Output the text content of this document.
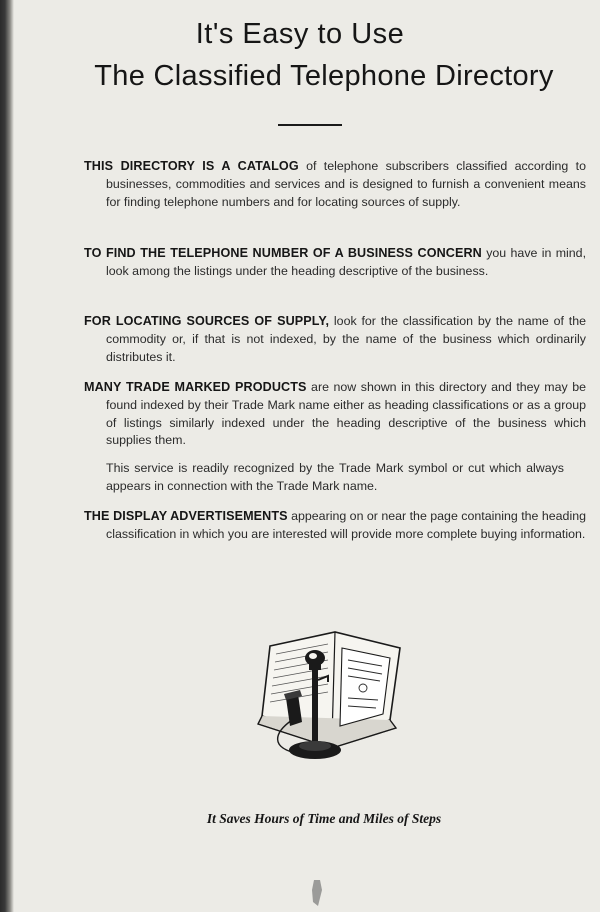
It's Easy to Use
The Classified Telephone Directory

THIS DIRECTORY IS A CATALOG of telephone subscribers classified according to businesses, commodities and services and is designed to furnish a convenient means for finding telephone numbers and for locating sources of supply.

TO FIND THE TELEPHONE NUMBER OF A BUSINESS CONCERN you have in mind, look among the listings under the heading descriptive of the business.

FOR LOCATING SOURCES OF SUPPLY, look for the classification by the name of the commodity or, if that is not indexed, by the name of the business which ordinarily distributes it.

MANY TRADE MARKED PRODUCTS are now shown in this directory and they may be found indexed by their Trade Mark name either as heading classifications or as a group of listings similarly indexed under the heading descriptive of the business which supplies them.

This service is readily recognized by the Trade Mark symbol or cut which always appears in connection with the Trade Mark name.

THE DISPLAY ADVERTISEMENTS appearing on or near the page containing the heading classification in which you are interested will provide more complete buying information.

It Saves Hours of Time and Miles of Steps
